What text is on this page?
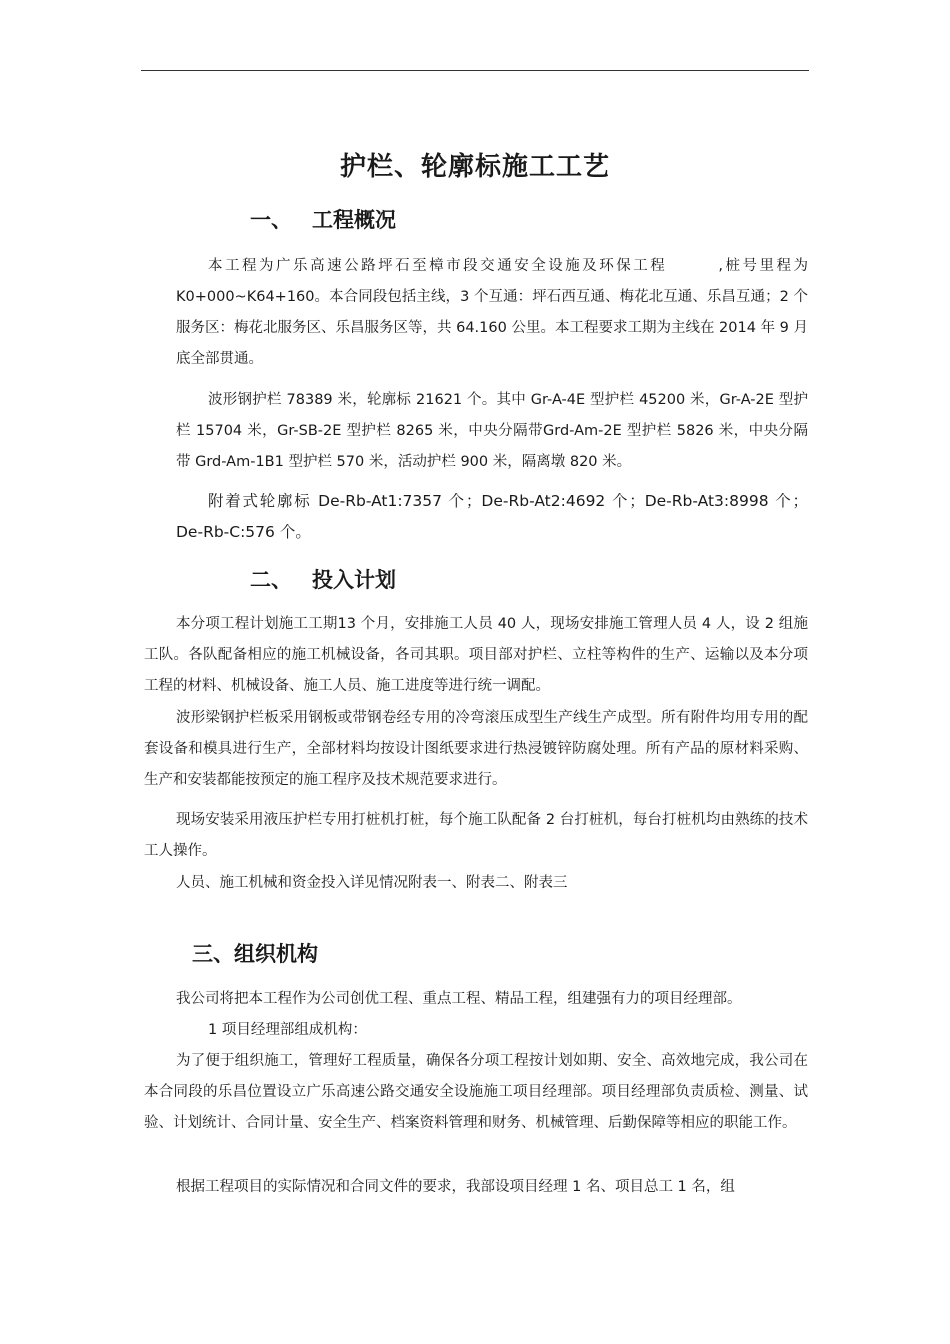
护栏、轮廓标施工工艺
一、 工程概况

本工程为广乐高速公路坪石至樟市段交通安全设施及环保工程　　　,桩号里程为K0+000~K64+160。本合同段包括主线，3 个互通：坪石西互通、梅花北互通、乐昌互通；2 个服务区：梅花北服务区、乐昌服务区等，共 64.160 公里。本工程要求工期为主线在 2014 年 9 月底全部贯通。

波形钢护栏 78389 米，轮廓标 21621 个。其中 Gr-A-4E 型护栏 45200 米，Gr-A-2E 型护栏 15704 米，Gr-SB-2E 型护栏 8265 米，中央分隔带Grd-Am-2E 型护栏 5826 米，中央分隔带 Grd-Am-1B1 型护栏 570 米，活动护栏 900 米，隔离墩 820 米。

附着式轮廓标 De-Rb-At1:7357 个；De-Rb-At2:4692 个；De-Rb-At3:8998 个；De-Rb-C:576 个。

二、 投入计划

本分项工程计划施工工期13 个月，安排施工人员 40 人，现场安排施工管理人员 4 人，设 2 组施工队。各队配备相应的施工机械设备，各司其职。项目部对护栏、立柱等构件的生产、运输以及本分项工程的材料、机械设备、施工人员、施工进度等进行统一调配。

波形梁钢护栏板采用钢板或带钢卷经专用的冷弯滚压成型生产线生产成型。所有附件均用专用的配套设备和模具进行生产，全部材料均按设计图纸要求进行热浸镀锌防腐处理。所有产品的原材料采购、生产和安装都能按预定的施工程序及技术规范要求进行。

现场安装采用液压护栏专用打桩机打桩，每个施工队配备 2 台打桩机，每台打桩机均由熟练的技术工人操作。

人员、施工机械和资金投入详见情况附表一、附表二、附表三

三、组织机构

我公司将把本工程作为公司创优工程、重点工程、精品工程，组建强有力的项目经理部。

1 项目经理部组成机构：

为了便于组织施工，管理好工程质量，确保各分项工程按计划如期、安全、高效地完成，我公司在本合同段的乐昌位置设立广乐高速公路交通安全设施施工项目经理部。项目经理部负责质检、测量、试验、计划统计、合同计量、安全生产、档案资料管理和财务、机械管理、后勤保障等相应的职能工作。

根据工程项目的实际情况和合同文件的要求，我部设项目经理 1 名、项目总工 1 名，组
